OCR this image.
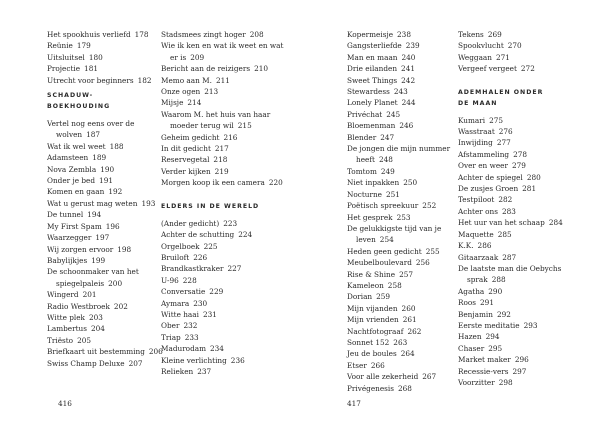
Het spookhuis verliefd 178
Reünie 179
Uitsluitsel 180
Projectie 181
Utrecht voor beginners 182
SCHADUW-BOEKHOUDING
Vertel nog eens over de wolven 187
Wat ik wel weet 188
Adamsteen 189
Nova Zembla 190
Onder je bed 191
Komen en gaan 192
Wat u gerust mag weten 193
De tunnel 194
My First Spam 196
Waarzegger 197
Wij zorgen ervoor 198
Babylijkjes 199
De schoonmaker van het spiegelpaleis 200
Wingerd 201
Radio Westbroek 202
Witte plek 203
Lambertus 204
Triësto 205
Briefkaart uit bestemming 206
Swiss Champ Deluxe 207
Stadsmees zingt hoger 208
Wie ik ken en wat ik weet en wat er is 209
Bericht aan de reizigers 210
Memo aan M. 211
Onze ogen 213
Mijsje 214
Waarom M. het huis van haar moeder terug wil 215
Geheim gedicht 216
In dit gedicht 217
Reservegetal 218
Verder kijken 219
Morgen koop ik een camera 220
ELDERS IN DE WERELD
(Ander gedicht) 223
Achter de schutting 224
Orgelboek 225
Bruiloft 226
Brandkastkraker 227
U-96 228
Conversatie 229
Aymara 230
Witte haai 231
Ober 232
Triap 233
Madurodam 234
Kleine verlichting 236
Relieken 237
Kopermeisje 238
Gangsterliefde 239
Man en maan 240
Drie eilanden 241
Sweet Things 242
Stewardess 243
Lonely Planet 244
Privéchat 245
Bloemenman 246
Blender 247
De jongen die mijn nummer heeft 248
Tomtom 249
Niet inpakken 250
Nocturne 251
Poëtisch spreekuur 252
Het gesprek 253
De gelukkigste tijd van je leven 254
Heden geen gedicht 255
Meubelboulevard 256
Rise & Shine 257
Kameleon 258
Dorian 259
Mijn vijanden 260
Mijn vrienden 261
Nachtfotograaf 262
Sonnet 152 263
Jeu de boules 264
Etser 266
Voor alle zekerheid 267
Privégenesis 268
Tekens 269
Spookvlucht 270
Weggaan 271
Vergeef vergeet 272
ADEMHALEN ONDER DE MAAN
Kumari 275
Wasstraat 276
Inwijding 277
Afstammeling 278
Over en weer 279
Achter de spiegel 280
De zusjes Groen 281
Testpiloot 282
Achter ons 283
Het uur van het schaap 284
Maquette 285
K.K. 286
Gitaarzaak 287
De laatste man die Oebychs sprak 288
Agatha 290
Roos 291
Benjamin 292
Eerste meditatie 293
Hazen 294
Chaser 295
Market maker 296
Recessie-vers 297
Voorzitter 298
416	417
